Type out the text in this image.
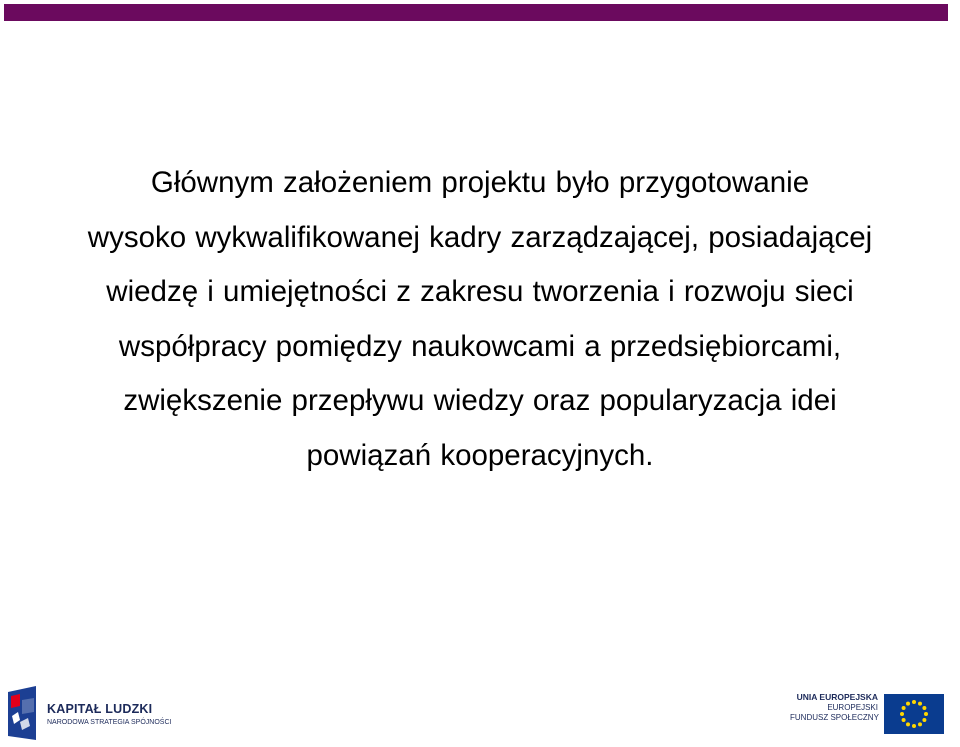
Głównym założeniem projektu było przygotowanie
wysoko wykwalifikowanej kadry zarządzającej, posiadającej
wiedzę i umiejętności z zakresu tworzenia i rozwoju sieci
współpracy pomiędzy naukowcami a przedsiębiorcami,
zwiększenie przepływu wiedzy oraz popularyzacja idei
powiązań kooperacyjnych.
KAPITAŁ LUDZKI
NARODOWA STRATEGIA SPÓJNOŚCI
UNIA EUROPEJSKA
EUROPEJSKI
FUNDUSZ SPOŁECZNY
